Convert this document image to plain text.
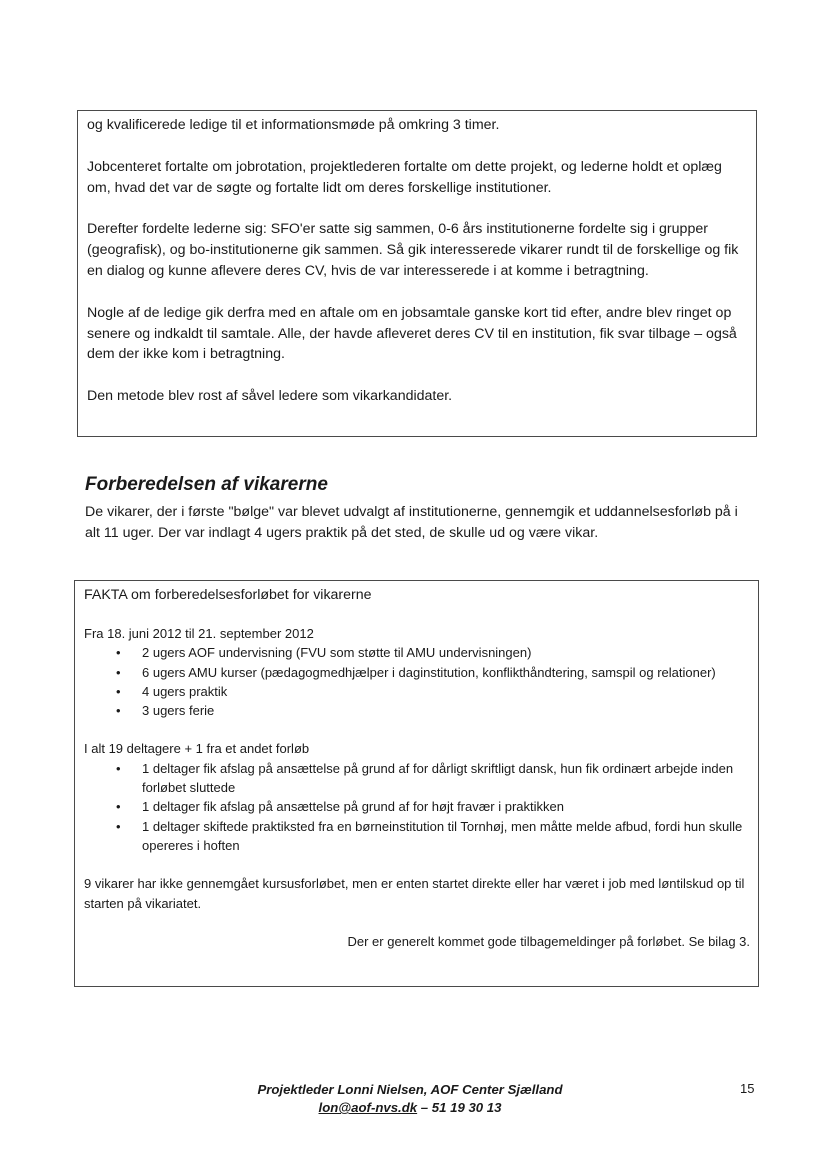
og kvalificerede ledige til et informationsmøde på omkring 3 timer.

Jobcenteret fortalte om jobrotation, projektlederen fortalte om dette projekt, og lederne holdt et oplæg om, hvad det var de søgte og fortalte lidt om deres forskellige institutioner.

Derefter fordelte lederne sig: SFO'er satte sig sammen, 0-6 års institutionerne fordelte sig i grupper (geografisk), og bo-institutionerne gik sammen. Så gik interesserede vikarer rundt til de forskellige og fik en dialog og kunne aflevere deres CV, hvis de var interesserede i at komme i betragtning.

Nogle af de ledige gik derfra med en aftale om en jobsamtale ganske kort tid efter, andre blev ringet op senere og indkaldt til samtale. Alle, der havde afleveret deres CV til en institution, fik svar tilbage – også dem der ikke kom i betragtning.

Den metode blev rost af såvel ledere som vikarkandidater.

Forberedelsen af vikarerne

De vikarer, der i første "bølge" var blevet udvalgt af institutionerne, gennemgik et uddannelsesforløb på i alt 11 uger. Der var indlagt 4 ugers praktik på det sted, de skulle ud og være vikar.

FAKTA om forberedelsesforløbet for vikarerne

Fra 18. juni 2012 til 21. september 2012

• 2 ugers AOF undervisning (FVU som støtte til AMU undervisningen)
• 6 ugers AMU kurser (pædagogmedhjælper i daginstitution, konflikthåndtering, samspil og relationer)
• 4 ugers praktik
• 3 ugers ferie

I alt 19 deltagere + 1 fra et andet forløb

• 1 deltager fik afslag på ansættelse på grund af for dårligt skriftligt dansk, hun fik ordinært arbejde inden forløbet sluttede
• 1 deltager fik afslag på ansættelse på grund af for højt fravær i praktikken
• 1 deltager skiftede praktiksted fra en børneinstitution til Tornhøj, men måtte melde afbud, fordi hun skulle opereres i hoften

9 vikarer har ikke gennemgået kursusforløbet, men er enten startet direkte eller har været i job med løntilskud op til starten på vikariatet.

Der er generelt kommet gode tilbagemeldinger på forløbet. Se bilag 3.

Projektleder Lonni Nielsen, AOF Center Sjælland
lon@aof-nvs.dk – 51 19 30 13
15
